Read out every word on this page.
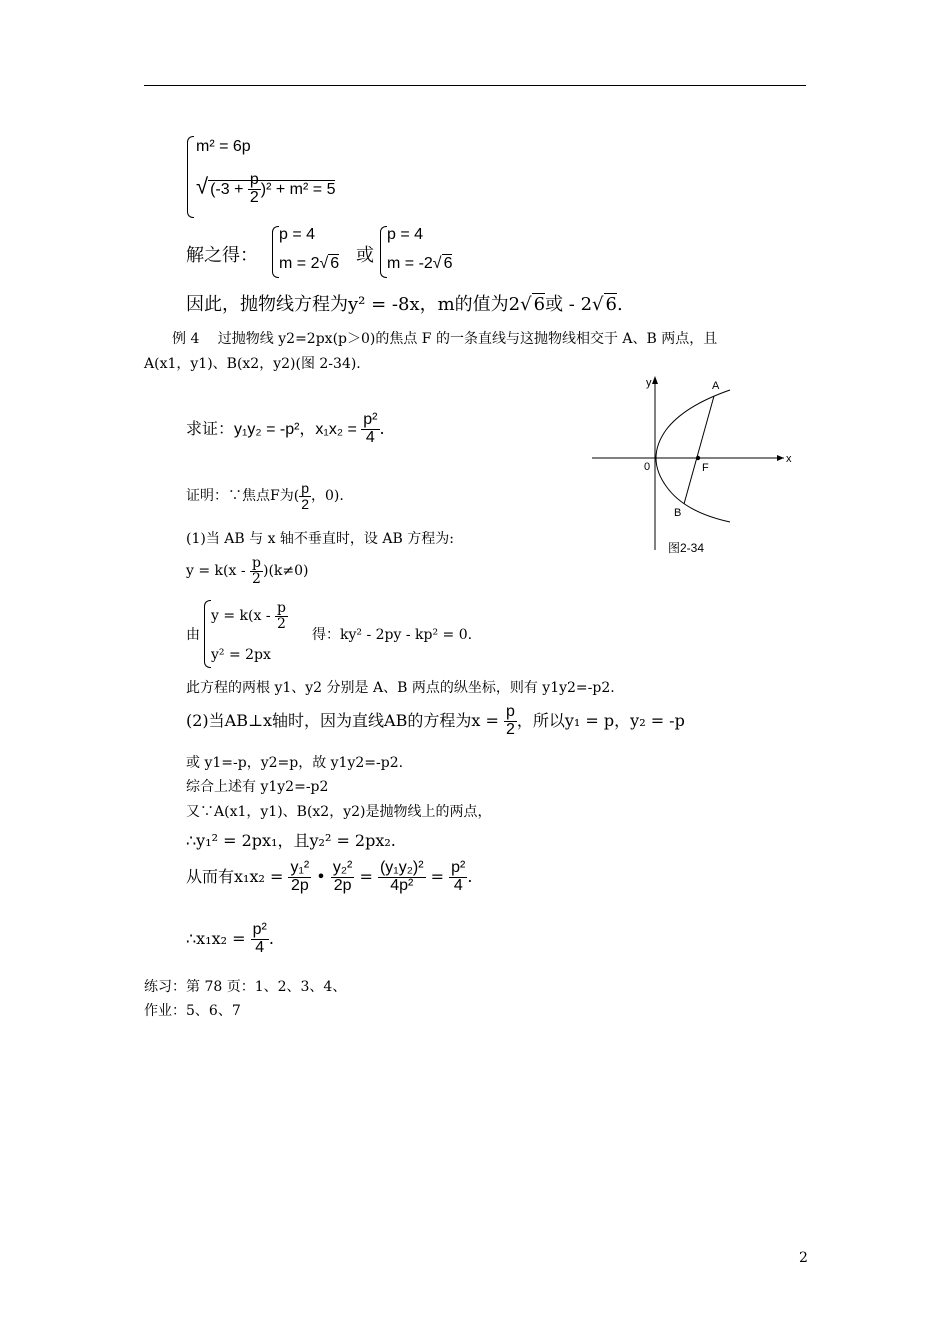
m² = 6p
√ $(-3 + \frac{p}{2} )^2 + m^2 = 5$
解之得：
p = 4
m = 2√ 6 或
p = 4
m = -2√ 6
因此，抛物线方程为y² = -8x，m的值为2√ 6或 - 2√ 6.
例 4　 过抛物线 y2=2px(p＞0)的焦点 F 的一条直线与这抛物线相交于 A、B 两点，且
A(x1，y1)、B(x2，y2)(图 2-34).
求证：y₁y₂ = -p²，$x_1x_2 = \frac{\text{p²}}{4}$ .
证明：∵焦点F为( $\frac{p}{2}$ ，0).
(1)当 AB 与 x 轴不垂直时，设 AB 方程为:
$y = k(x - \frac{p}{2} )(k\ne 0)$
由
$y = k(x - \frac{p}{2}$
y² = 2px
得：ky² - 2py - kp² = 0.
此方程的两根 y1、y2 分别是 A、B 两点的纵坐标，则有 y1y2=-p2.
(2)当AB⊥x轴时，因为直线AB的方程为$x = \frac{p}{2}$ ，所以y₁ = p，y₂ = -p
或 y1=-p，y2=p，故 y1y2=-p2.
综合上述有 y1y2=-p2
又∵A(x1，y1)、B(x2，y2)是抛物线上的两点，
∴y₁² = 2px₁，且y₂² = 2px₂.
从而有$x_1x_2 = \frac{\text{y₁²}}{2p}$ • $\frac{\text{y₂²}}{2p} = \frac{\text{(y₁y₂)²}}{\text{4p²}} = \frac{\text{p²}}{4}$ .
∴x₁x₂ = $\frac{\text{p²}}{4}$ .
练习：第 78 页：1、2、3、4、
作业：5、6、7
2
y
x
0
A
B
F
图2-34
